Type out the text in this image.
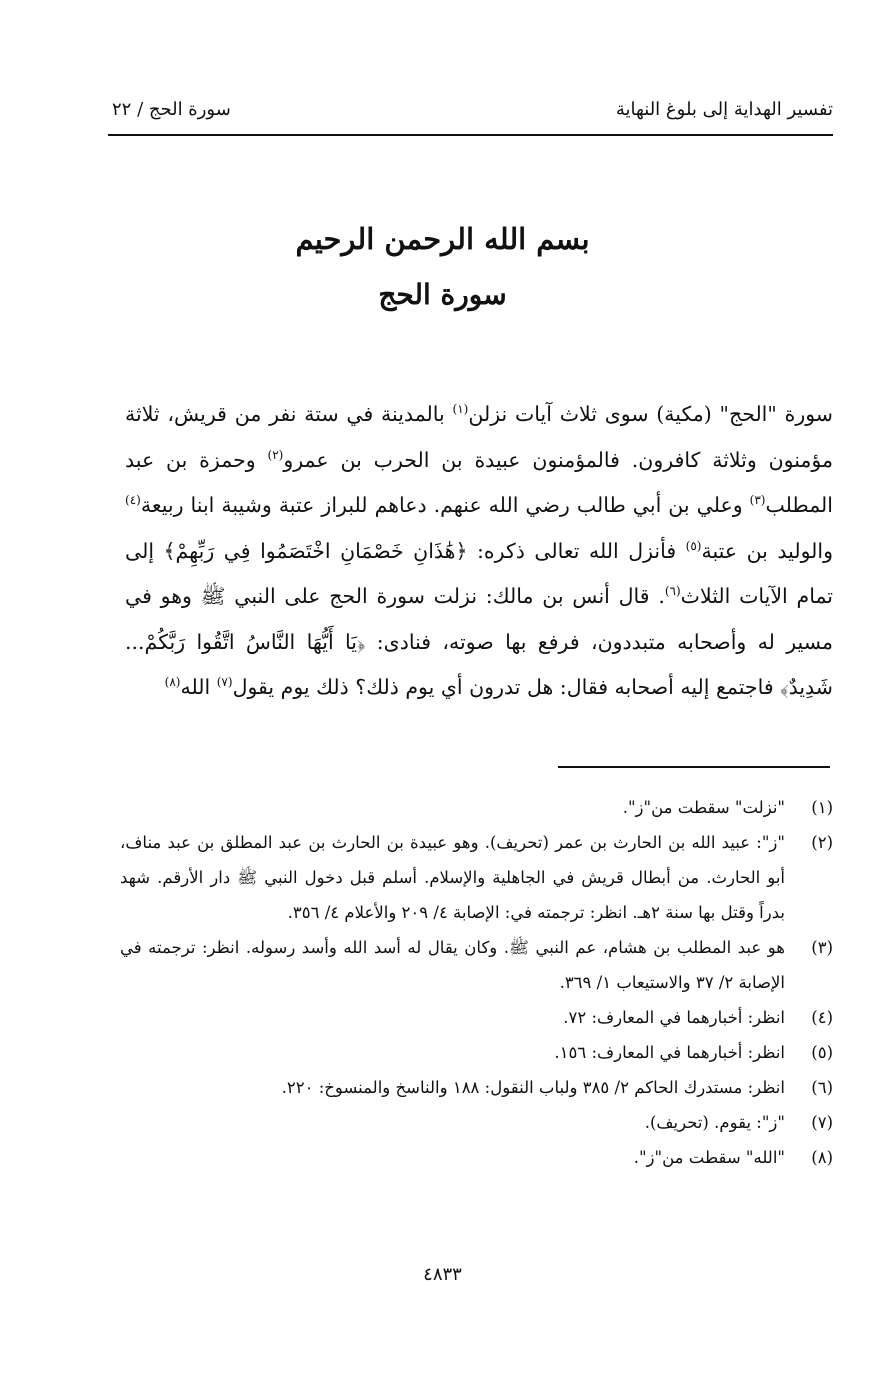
تفسير الهداية إلى بلوغ النهاية
سورة الحج / ٢٢
بسم الله الرحمن الرحيم
سورة الحج

سورة "الحج" (مكية) سوى ثلاث آيات نزلن$^{(١)}$ بالمدينة في ستة نفر من قريش، ثلاثة مؤمنون وثلاثة كافرون. فالمؤمنون عبيدة بن الحرب بن عمرو$^{(٢)}$ وحمزة بن عبد المطلب$^{(٣)}$ وعلي بن أبي طالب رضي الله عنهم. دعاهم للبراز عتبة وشيبة ابنا ربيعة$^{(٤)}$ والوليد بن عتبة$^{(٥)}$ فأنزل الله تعالى ذكره: ﴿هَٰذَانِ خَصْمَانِ اخْتَصَمُوا فِي رَبِّهِمْ﴾ إلى تمام الآيات الثلاث$^{(٦)}$. قال أنس بن مالك: نزلت سورة الحج على النبي ﷺ وهو في مسير له وأصحابه متبددون، فرفع بها صوته، فنادى: ﴿يَا أَيُّهَا النَّاسُ اتَّقُوا رَبَّكُمْ... شَدِيدٌ﴾ فاجتمع إليه أصحابه فقال: هل تدرون أي يوم ذلك؟ ذلك يوم يقول$^{(٧)}$ الله$^{(٨)}$

(١)
"نزلت" سقطت من"ز".
(٢)
"ز": عبيد الله بن الحارث بن عمر (تحريف). وهو عبيدة بن الحارث بن عبد المطلق بن عبد مناف، أبو الحارث. من أبطال قريش في الجاهلية والإسلام. أسلم قبل دخول النبي ﷺ دار الأرقم. شهد بدراً وقتل بها سنة ٢هـ. انظر: ترجمته في: الإصابة ٤/ ٢٠٩ والأعلام ٤/ ٣٥٦.
(٣)
هو عبد المطلب بن هشام، عم النبي ﷺ. وكان يقال له أسد الله وأسد رسوله. انظر: ترجمته في الإصابة ٢/ ٣٧ والاستيعاب ١/ ٣٦٩.
(٤)
انظر: أخبارهما في المعارف: ٧٢.
(٥)
انظر: أخبارهما في المعارف: ١٥٦.
(٦)
انظر: مستدرك الحاكم ٢/ ٣٨٥ ولباب النقول: ١٨٨ والناسخ والمنسوخ: ٢٢٠.
(٧)
"ز": يقوم. (تحريف).
(٨)
"الله" سقطت من"ز".
٤٨٣٣
